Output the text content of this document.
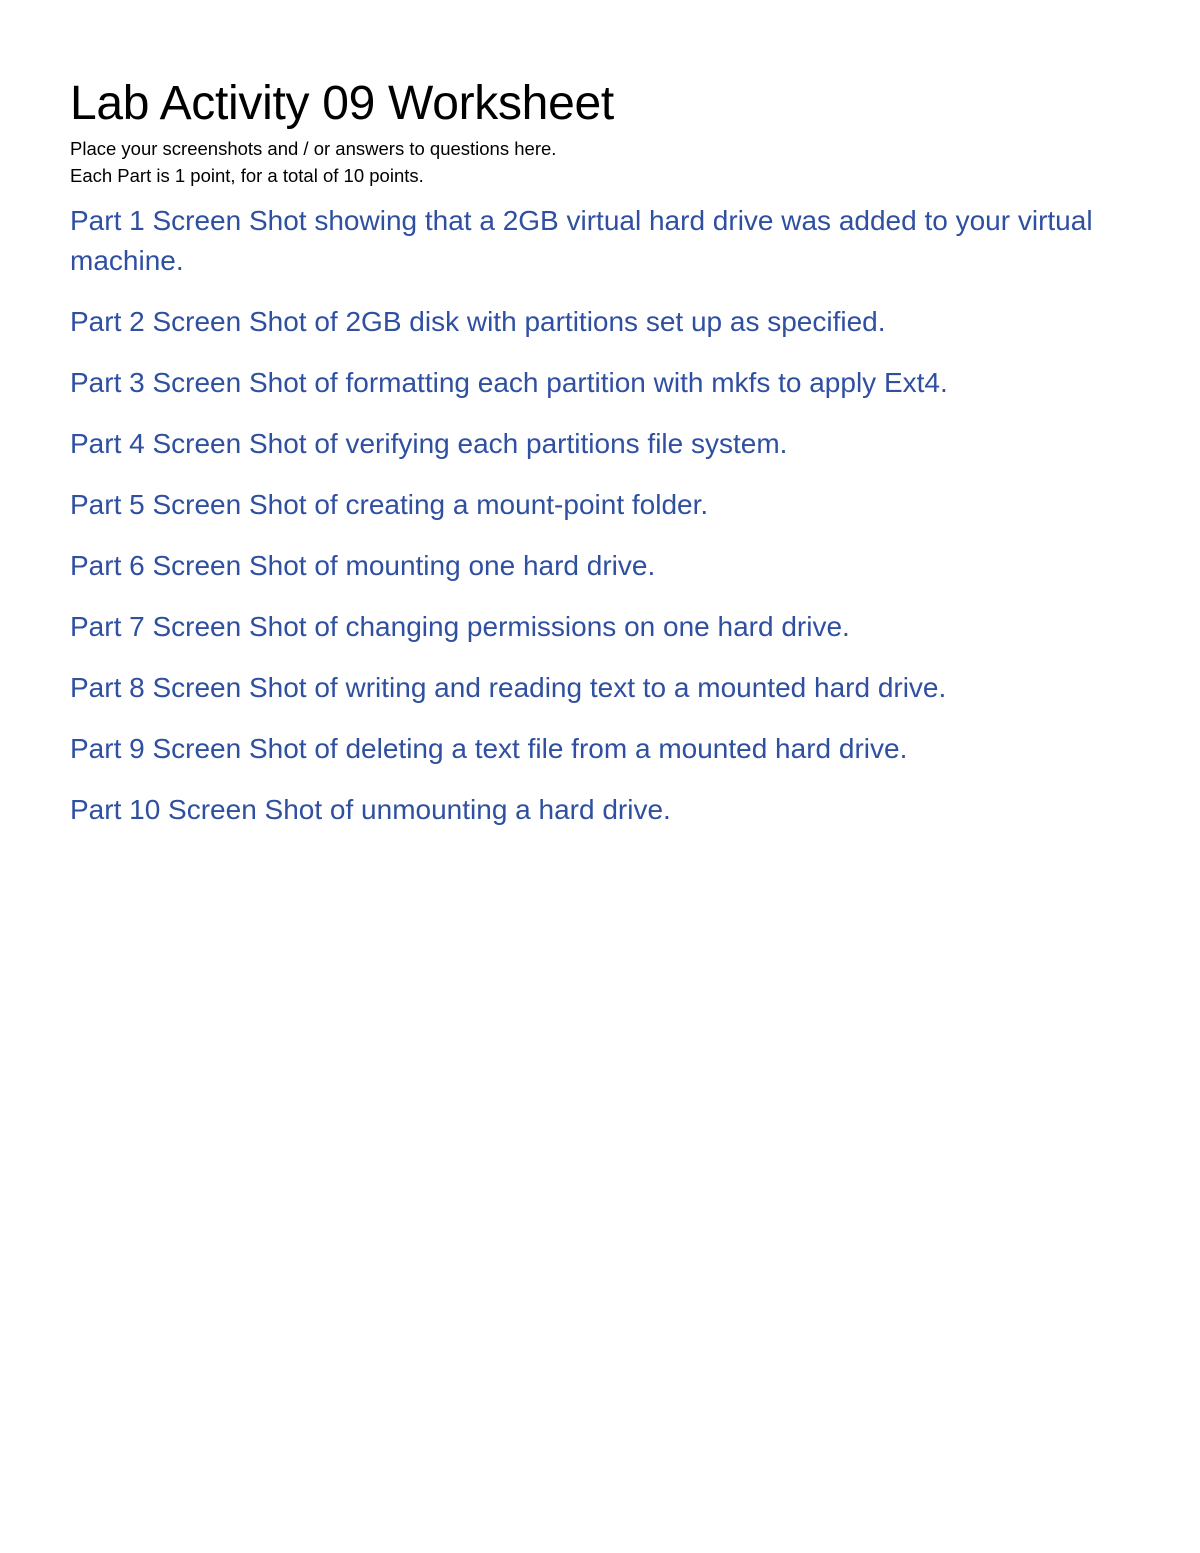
Lab Activity 09 Worksheet

Place your screenshots and / or answers to questions here.

Each Part is 1 point, for a total of 10 points.

Part 1 Screen Shot showing that a 2GB virtual hard drive was added to your virtual machine.
Part 2 Screen Shot of 2GB disk with partitions set up as specified.
Part 3 Screen Shot of formatting each partition with mkfs to apply Ext4.
Part 4 Screen Shot of verifying each partitions file system.
Part 5 Screen Shot of creating a mount-point folder.
Part 6 Screen Shot of mounting one hard drive.
Part 7 Screen Shot of changing permissions on one hard drive.
Part 8 Screen Shot of writing and reading text to a mounted hard drive.
Part 9 Screen Shot of deleting a text file from a mounted hard drive.
Part 10 Screen Shot of unmounting a hard drive.
